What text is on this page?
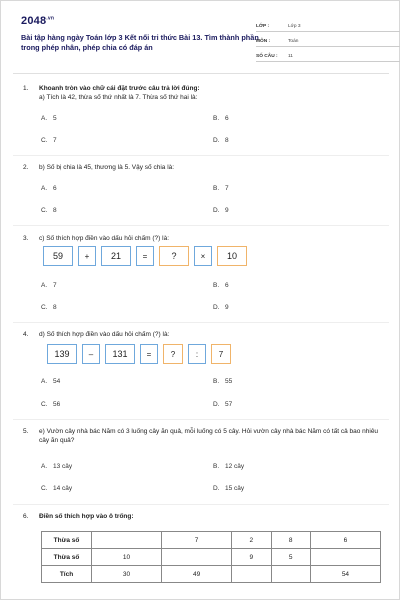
$2048^{.vn}$
Bài tập hàng ngày Toán lớp 3 Kết nối tri thức Bài 13. Tìm thành phần trong phép nhân, phép chia có đáp án
LỚP :	Lớp 3
MÔN :	Toán
SỐ CÂU :	11
1. Khoanh tròn vào chữ cái đặt trước câu trả lời đúng:
a) Tích là 42, thừa số thứ nhất là 7. Thừa số thứ hai là:
A. 5	B. 6
C. 7	D. 8
2. b) Số bị chia là 45, thương là 5. Vậy số chia là:
A. 6	B. 7
C. 8	D. 9
3. c) Số thích hợp điền vào dấu hỏi chấm (?) là:
59	+	21	=	?	×	10
A. 7	B. 6
C. 8	D. 9
4. d) Số thích hợp điền vào dấu hỏi chấm (?) là:
139	–	131	=	?	:	7
A. 54	B. 55
C. 56	D. 57
5. e) Vườn cây nhà bác Năm có 3 luống cây ăn quả, mỗi luống có 5 cây. Hỏi vườn cây nhà bác Năm có tất cả bao nhiêu cây ăn quả?
A. 13 cây	B. 12 cây
C. 14 cây	D. 15 cây
6. Điền số thích hợp vào ô trống:
Thừa số		7	2	8	6
Thừa số	10		9	5	
Tích	30	49			54
